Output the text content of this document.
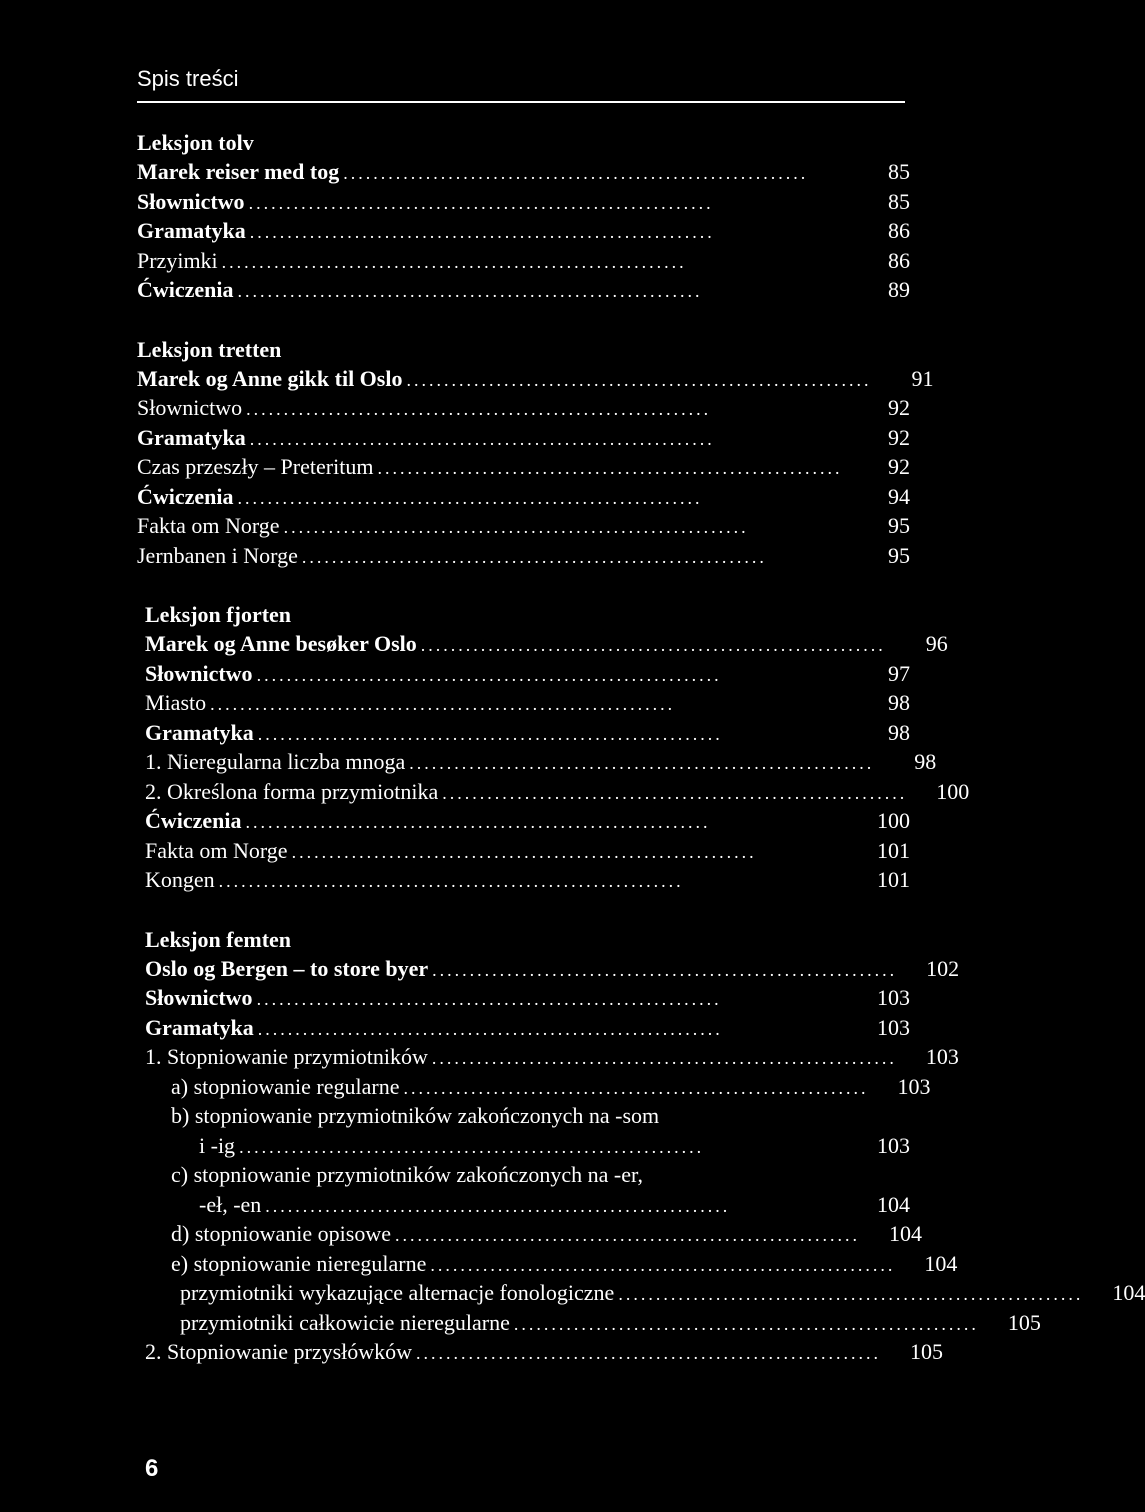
Spis treści
Leksjon tolv
Marek reiser med tog ..............................................................	85
Słownictwo ..............................................................	85
Gramatyka ..............................................................	86
Przyimki ..............................................................	86
Ćwiczenia ..............................................................	89
Leksjon tretten
Marek og Anne gikk til Oslo ..............................................................	91
Słownictwo ..............................................................	92
Gramatyka ..............................................................	92
Czas przeszły – Preteritum ..............................................................	92
Ćwiczenia ..............................................................	94
Fakta om Norge ..............................................................	95
Jernbanen i Norge ..............................................................	95
Leksjon fjorten
Marek og Anne besøker Oslo ..............................................................	96
Słownictwo ..............................................................	97
Miasto ..............................................................	98
Gramatyka ..............................................................	98
1. Nieregularna liczba mnoga ..............................................................	98
2. Określona forma przymiotnika ..............................................................	100
Ćwiczenia ..............................................................	100
Fakta om Norge ..............................................................	101
Kongen ..............................................................	101
Leksjon femten
Oslo og Bergen – to store byer ..............................................................	102
Słownictwo ..............................................................	103
Gramatyka ..............................................................	103
1. Stopniowanie przymiotników ..............................................................	103
a) stopniowanie regularne ..............................................................	103
b) stopniowanie przymiotników zakończonych na -som
i -ig ..............................................................	103
c) stopniowanie przymiotników zakończonych na -er,
-eł, -en ..............................................................	104
d) stopniowanie opisowe ..............................................................	104
e) stopniowanie nieregularne ..............................................................	104
przymiotniki wykazujące alternacje fonologiczne ..............................................................	104
przymiotniki całkowicie nieregularne ..............................................................	105
2. Stopniowanie przysłówków ..............................................................	105
6
